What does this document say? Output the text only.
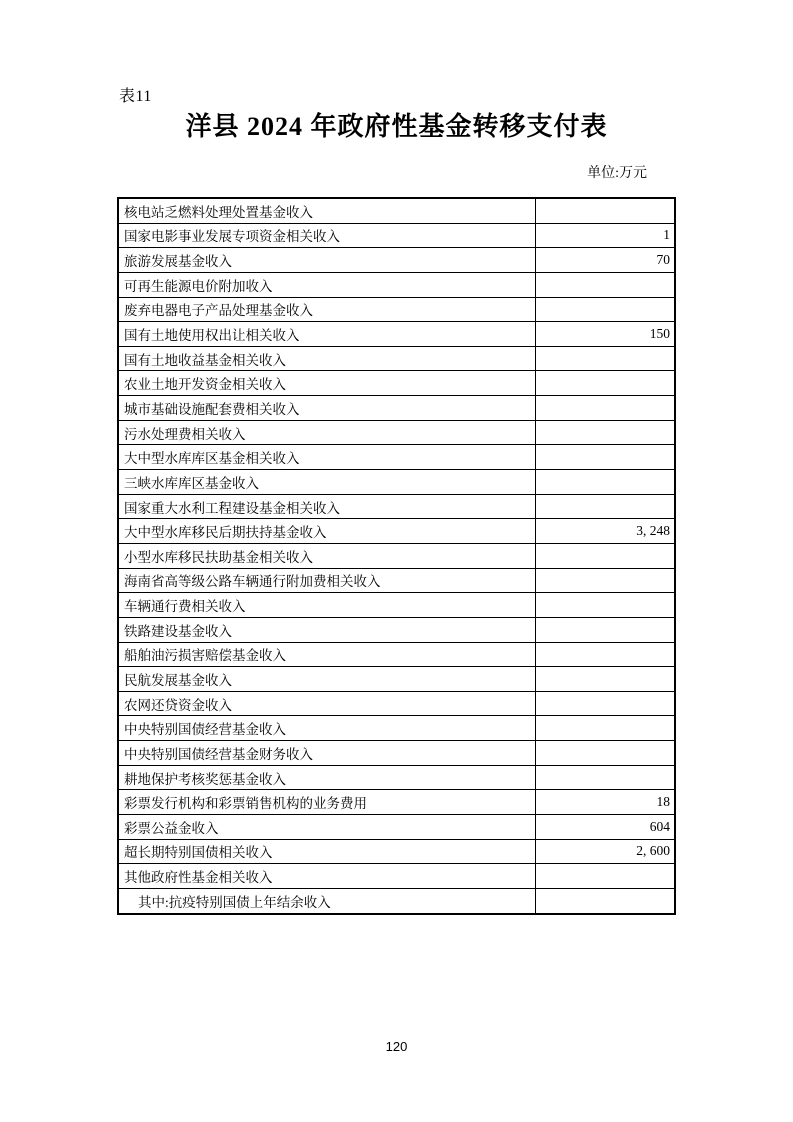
表11
洋县 2024 年政府性基金转移支付表
单位:万元
核电站乏燃料处理处置基金收入
国家电影事业发展专项资金相关收入	1
旅游发展基金收入	70
可再生能源电价附加收入
废弃电器电子产品处理基金收入
国有土地使用权出让相关收入	150
国有土地收益基金相关收入
农业土地开发资金相关收入
城市基础设施配套费相关收入
污水处理费相关收入
大中型水库库区基金相关收入
三峡水库库区基金收入
国家重大水利工程建设基金相关收入
大中型水库移民后期扶持基金收入	3, 248
小型水库移民扶助基金相关收入
海南省高等级公路车辆通行附加费相关收入
车辆通行费相关收入
铁路建设基金收入
船舶油污损害赔偿基金收入
民航发展基金收入
农网还贷资金收入
中央特别国债经营基金收入
中央特别国债经营基金财务收入
耕地保护考核奖惩基金收入
彩票发行机构和彩票销售机构的业务费用	18
彩票公益金收入	604
超长期特别国债相关收入	2, 600
其他政府性基金相关收入
其中:抗疫特别国债上年结余收入
120
